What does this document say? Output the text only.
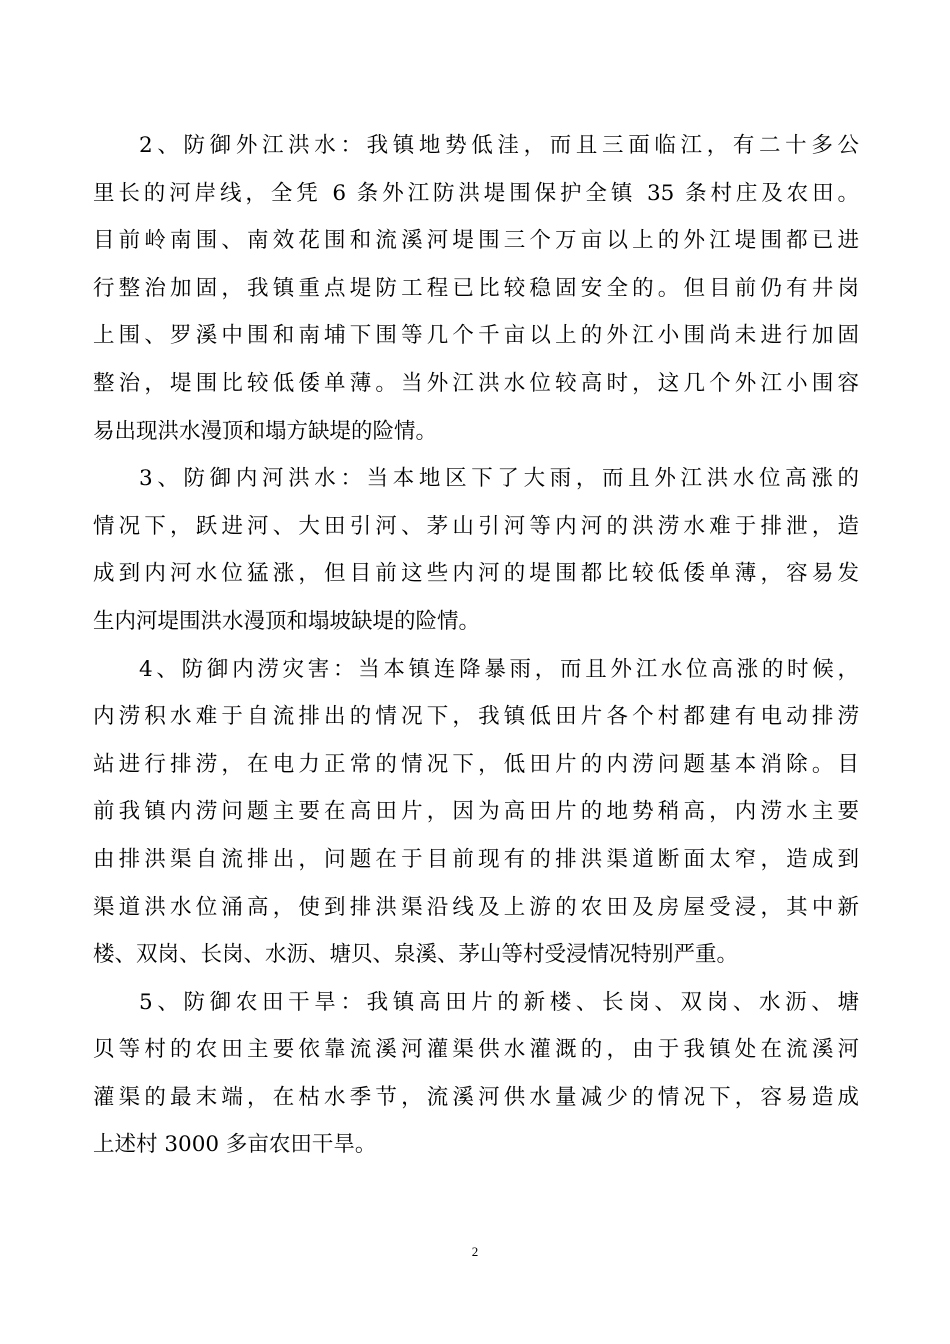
2、防御外江洪水：我镇地势低洼，而且三面临江，有二十多公
里长的河岸线，全凭 6 条外江防洪堤围保护全镇 35 条村庄及农田。
目前岭南围、南效花围和流溪河堤围三个万亩以上的外江堤围都已进
行整治加固，我镇重点堤防工程已比较稳固安全的。但目前仍有井岗
上围、罗溪中围和南埔下围等几个千亩以上的外江小围尚未进行加固
整治，堤围比较低倭单薄。当外江洪水位较高时，这几个外江小围容
易出现洪水漫顶和塌方缺堤的险情。
3、防御内河洪水：当本地区下了大雨，而且外江洪水位高涨的
情况下，跃进河、大田引河、茅山引河等内河的洪涝水难于排泄，造
成到内河水位猛涨，但目前这些内河的堤围都比较低倭单薄，容易发
生内河堤围洪水漫顶和塌坡缺堤的险情。
4、防御内涝灾害：当本镇连降暴雨，而且外江水位高涨的时候，
内涝积水难于自流排出的情况下，我镇低田片各个村都建有电动排涝
站进行排涝，在电力正常的情况下，低田片的内涝问题基本消除。目
前我镇内涝问题主要在高田片，因为高田片的地势稍高，内涝水主要
由排洪渠自流排出，问题在于目前现有的排洪渠道断面太窄，造成到
渠道洪水位涌高，使到排洪渠沿线及上游的农田及房屋受浸，其中新
楼、双岗、长岗、水沥、塘贝、泉溪、茅山等村受浸情况特别严重。
5、防御农田干旱：我镇高田片的新楼、长岗、双岗、水沥、塘
贝等村的农田主要依靠流溪河灌渠供水灌溉的，由于我镇处在流溪河
灌渠的最末端，在枯水季节，流溪河供水量减少的情况下，容易造成
上述村 3000 多亩农田干旱。
2
